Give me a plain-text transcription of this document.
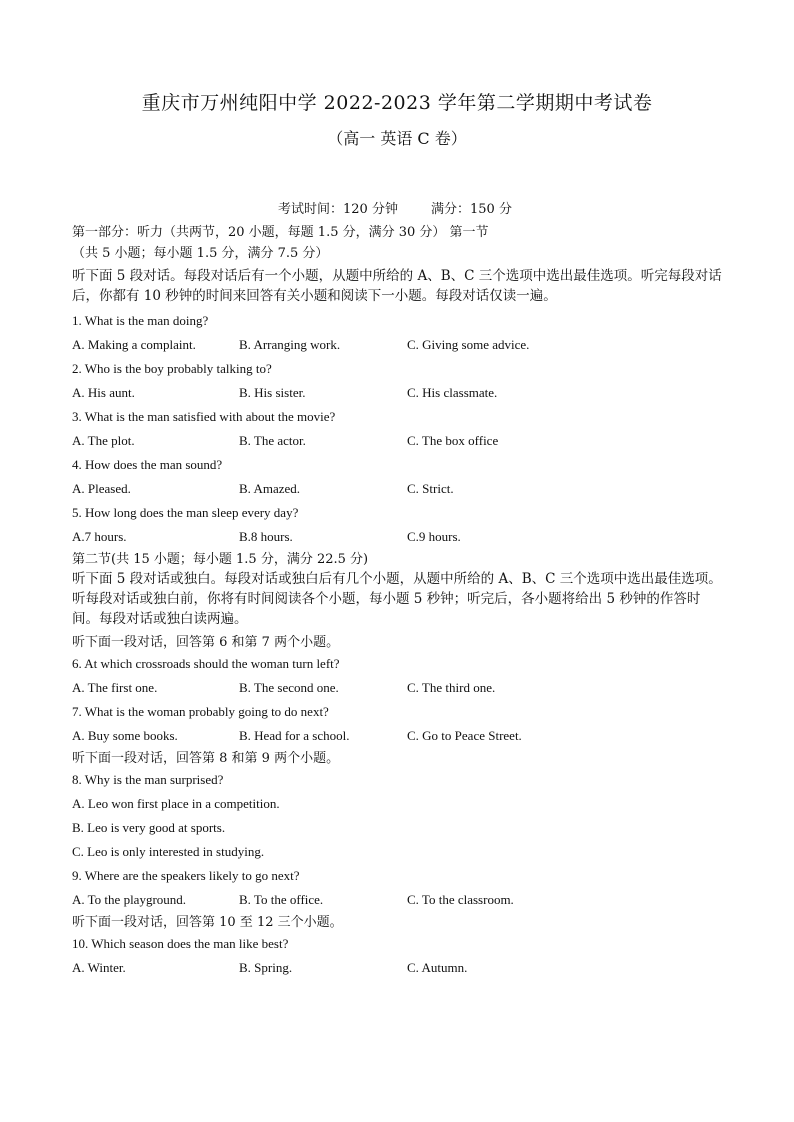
重庆市万州纯阳中学 2022-2023 学年第二学期期中考试卷
（高一 英语 C 卷）
考试时间：120 分钟        满分：150 分
第一部分：听力（共两节，20 小题，每题 1.5 分，满分 30 分） 第一节
（共 5 小题；每小题 1.5 分，满分 7.5 分）
听下面 5 段对话。每段对话后有一个小题，从题中所给的 A、B、C 三个选项中选出最佳选项。听完每段对话后，你都有 10 秒钟的时间来回答有关小题和阅读下一小题。每段对话仅读一遍。
1. What is the man doing?
A. Making a complaint.	B. Arranging work.	C. Giving some advice.
2. Who is the boy probably talking to?
A. His aunt.	B. His sister.	C. His classmate.
3. What is the man satisfied with about the movie?
A. The plot.	B. The actor.	C. The box office
4. How does the man sound?
A. Pleased.	B. Amazed.	C. Strict.
5. How long does the man sleep every day?
A.7 hours.	B.8 hours.	C.9 hours.
第二节(共 15 小题；每小题 1.5 分，满分 22.5 分)
听下面 5 段对话或独白。每段对话或独白后有几个小题，从题中所给的 A、B、C 三个选项中选出最佳选项。听每段对话或独白前，你将有时间阅读各个小题，每小题 5 秒钟；听完后，各小题将给出 5 秒钟的作答时间。每段对话或独白读两遍。
听下面一段对话，回答第 6 和第 7 两个小题。
6. At which crossroads should the woman turn left?
A. The first one.	B. The second one.	C. The third one.
7. What is the woman probably going to do next?
A. Buy some books.	B. Head for a school.	C. Go to Peace Street.
听下面一段对话，回答第 8 和第 9 两个小题。
8. Why is the man surprised?
A. Leo won first place in a competition.
B. Leo is very good at sports.
C. Leo is only interested in studying.
9. Where are the speakers likely to go next?
A. To the playground.	B. To the office.	C. To the classroom.
听下面一段对话，回答第 10 至 12 三个小题。
10. Which season does the man like best?
A. Winter.	B. Spring.	C. Autumn.
